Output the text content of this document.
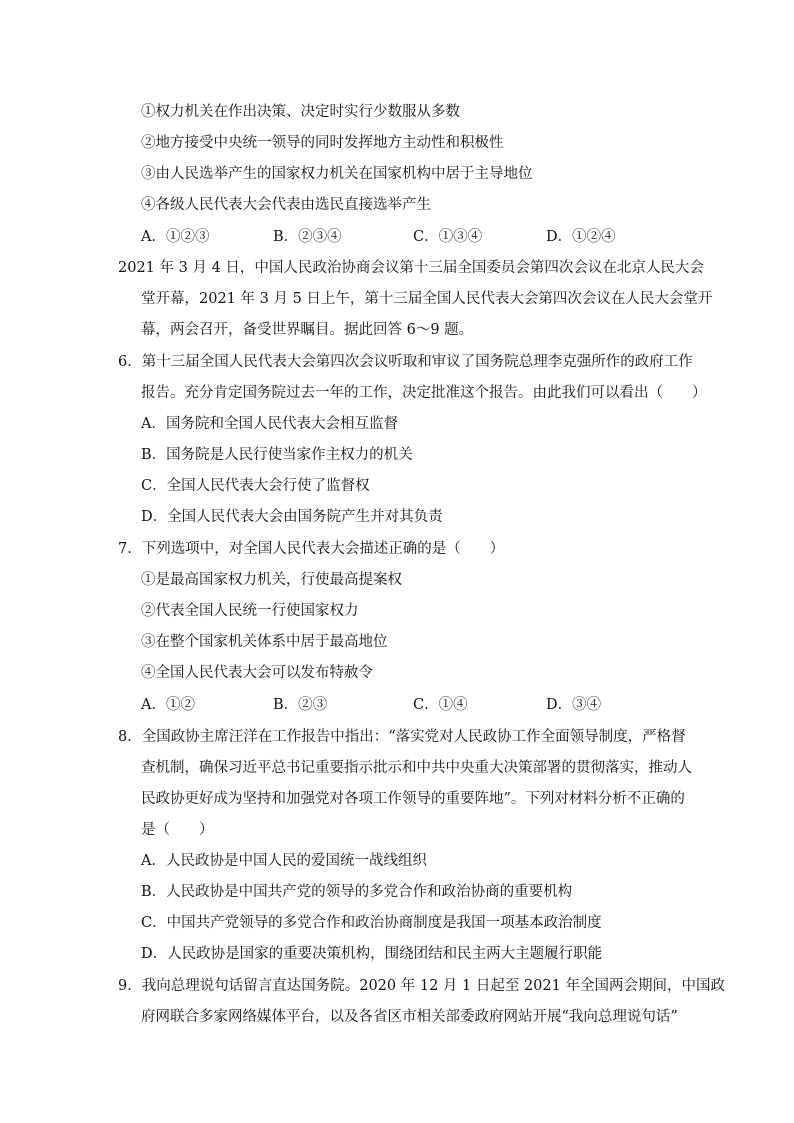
①权力机关在作出决策、决定时实行少数服从多数
②地方接受中央统一领导的同时发挥地方主动性和积极性
③由人民选举产生的国家权力机关在国家机构中居于主导地位
④各级人民代表大会代表由选民直接选举产生
A．①②③	B．②③④	C．①③④	D．①②④
2021 年 3 月 4 日，中国人民政治协商会议第十三届全国委员会第四次会议在北京人民大会
堂开幕，2021 年 3 月 5 日上午，第十三届全国人民代表大会第四次会议在人民大会堂开
幕，两会召开，备受世界瞩目。据此回答 6～9 题。
6．第十三届全国人民代表大会第四次会议听取和审议了国务院总理李克强所作的政府工作
报告。充分肯定国务院过去一年的工作，决定批准这个报告。由此我们可以看出（　　）
A．国务院和全国人民代表大会相互监督
B．国务院是人民行使当家作主权力的机关
C．全国人民代表大会行使了监督权
D．全国人民代表大会由国务院产生并对其负责
7．下列选项中，对全国人民代表大会描述正确的是（　　）
①是最高国家权力机关，行使最高提案权
②代表全国人民统一行使国家权力
③在整个国家机关体系中居于最高地位
④全国人民代表大会可以发布特赦令
A．①②	B．②③	C．①④	D．③④
8．全国政协主席汪洋在工作报告中指出：“落实党对人民政协工作全面领导制度，严格督
查机制，确保习近平总书记重要指示批示和中共中央重大决策部署的贯彻落实，推动人
民政协更好成为坚持和加强党对各项工作领导的重要阵地”。下列对材料分析不正确的
是（　　）
A．人民政协是中国人民的爱国统一战线组织
B．人民政协是中国共产党的领导的多党合作和政治协商的重要机构
C．中国共产党领导的多党合作和政治协商制度是我国一项基本政治制度
D．人民政协是国家的重要决策机构，围绕团结和民主两大主题履行职能
9．我向总理说句话留言直达国务院。2020 年 12 月 1 日起至 2021 年全国两会期间，中国政
府网联合多家网络媒体平台，以及各省区市相关部委政府网站开展“我向总理说句话”
